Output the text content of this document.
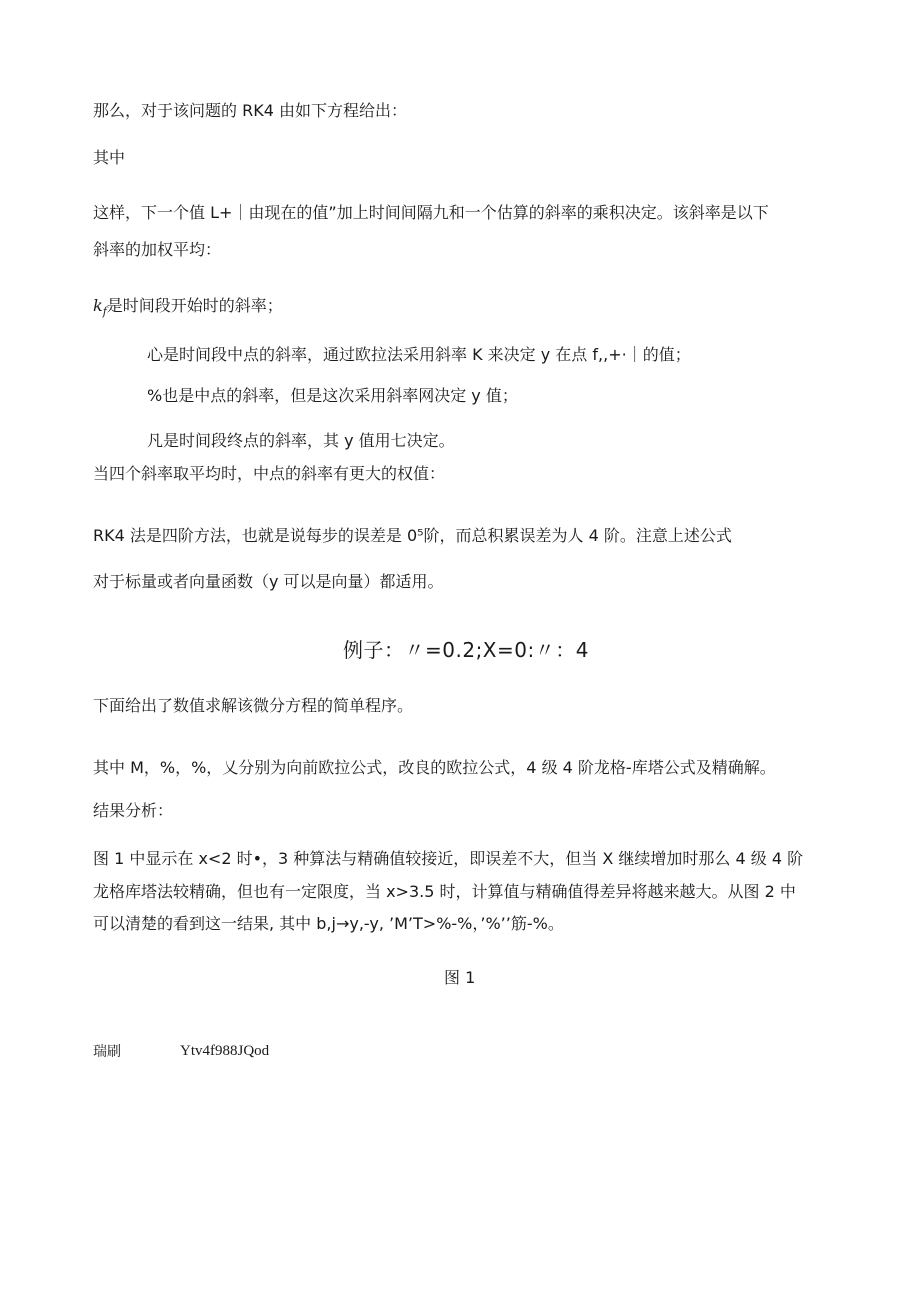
那么，对于该问题的 RK4 由如下方程给出：
其中
这样，下一个值 L+｜由现在的值”加上时间间隔九和一个估算的斜率的乘积决定。该斜率是以下
斜率的加权平均：
$k_f$是时间段开始时的斜率；
心是时间段中点的斜率，通过欧拉法采用斜率 K 来决定 y 在点 f,,+·｜的值；
%也是中点的斜率，但是这次采用斜率网决定 y 值；
凡是时间段终点的斜率，其 y 值用七决定。
当四个斜率取平均时，中点的斜率有更大的权值：
RK4 法是四阶方法，也就是说每步的误差是 0⁵阶，而总积累误差为人 4 阶。注意上述公式
对于标量或者向量函数（y 可以是向量）都适用。
例子：〃=0.2;X=0:〃：4
下面给出了数值求解该微分方程的简单程序。
其中 M，%，%，乂分别为向前欧拉公式，改良的欧拉公式，4 级 4 阶龙格-库塔公式及精确解。
结果分析：
图 1 中显示在 x<2 时•，3 种算法与精确值较接近，即误差不大，但当 X 继续增加时那么 4 级 4 阶
龙格库塔法较精确，但也有一定限度，当 x>3.5 时，计算值与精确值得差异将越来越大。从图 2 中
可以清楚的看到这一结果, 其中 b,j→y,-y, ’M’T>%-%，’%’’筋-%。
图 1
瑞刷	Ytv4f988JQod
